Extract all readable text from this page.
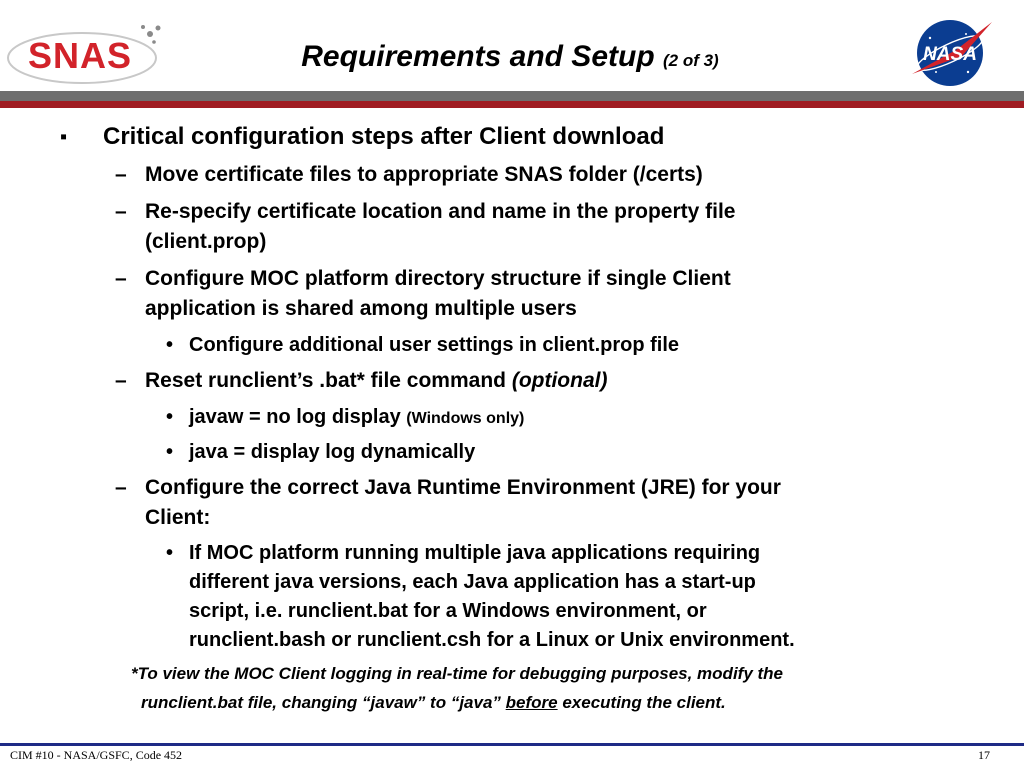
SNAS	Requirements and Setup (2 of 3)	NASA
▪ Critical configuration steps after Client download
– Move certificate files to appropriate SNAS folder (/certs)
– Re-specify certificate location and name in the property file
(client.prop)
– Configure MOC platform directory structure if single Client
application is shared among multiple users
• Configure additional user settings in client.prop file
– Reset runclient’s .bat* file command (optional)
• javaw = no log display (Windows only)
• java = display log dynamically
– Configure the correct Java Runtime Environment (JRE) for your
Client:
• If MOC platform running multiple java applications requiring
different java versions, each Java application has a start-up
script, i.e. runclient.bat for a Windows environment, or
runclient.bash or runclient.csh for a Linux or Unix environment.
*To view the MOC Client logging in real-time for debugging purposes, modify the
runclient.bat file, changing “javaw” to “java” before executing the client.
CIM #10 - NASA/GSFC, Code 452	17
